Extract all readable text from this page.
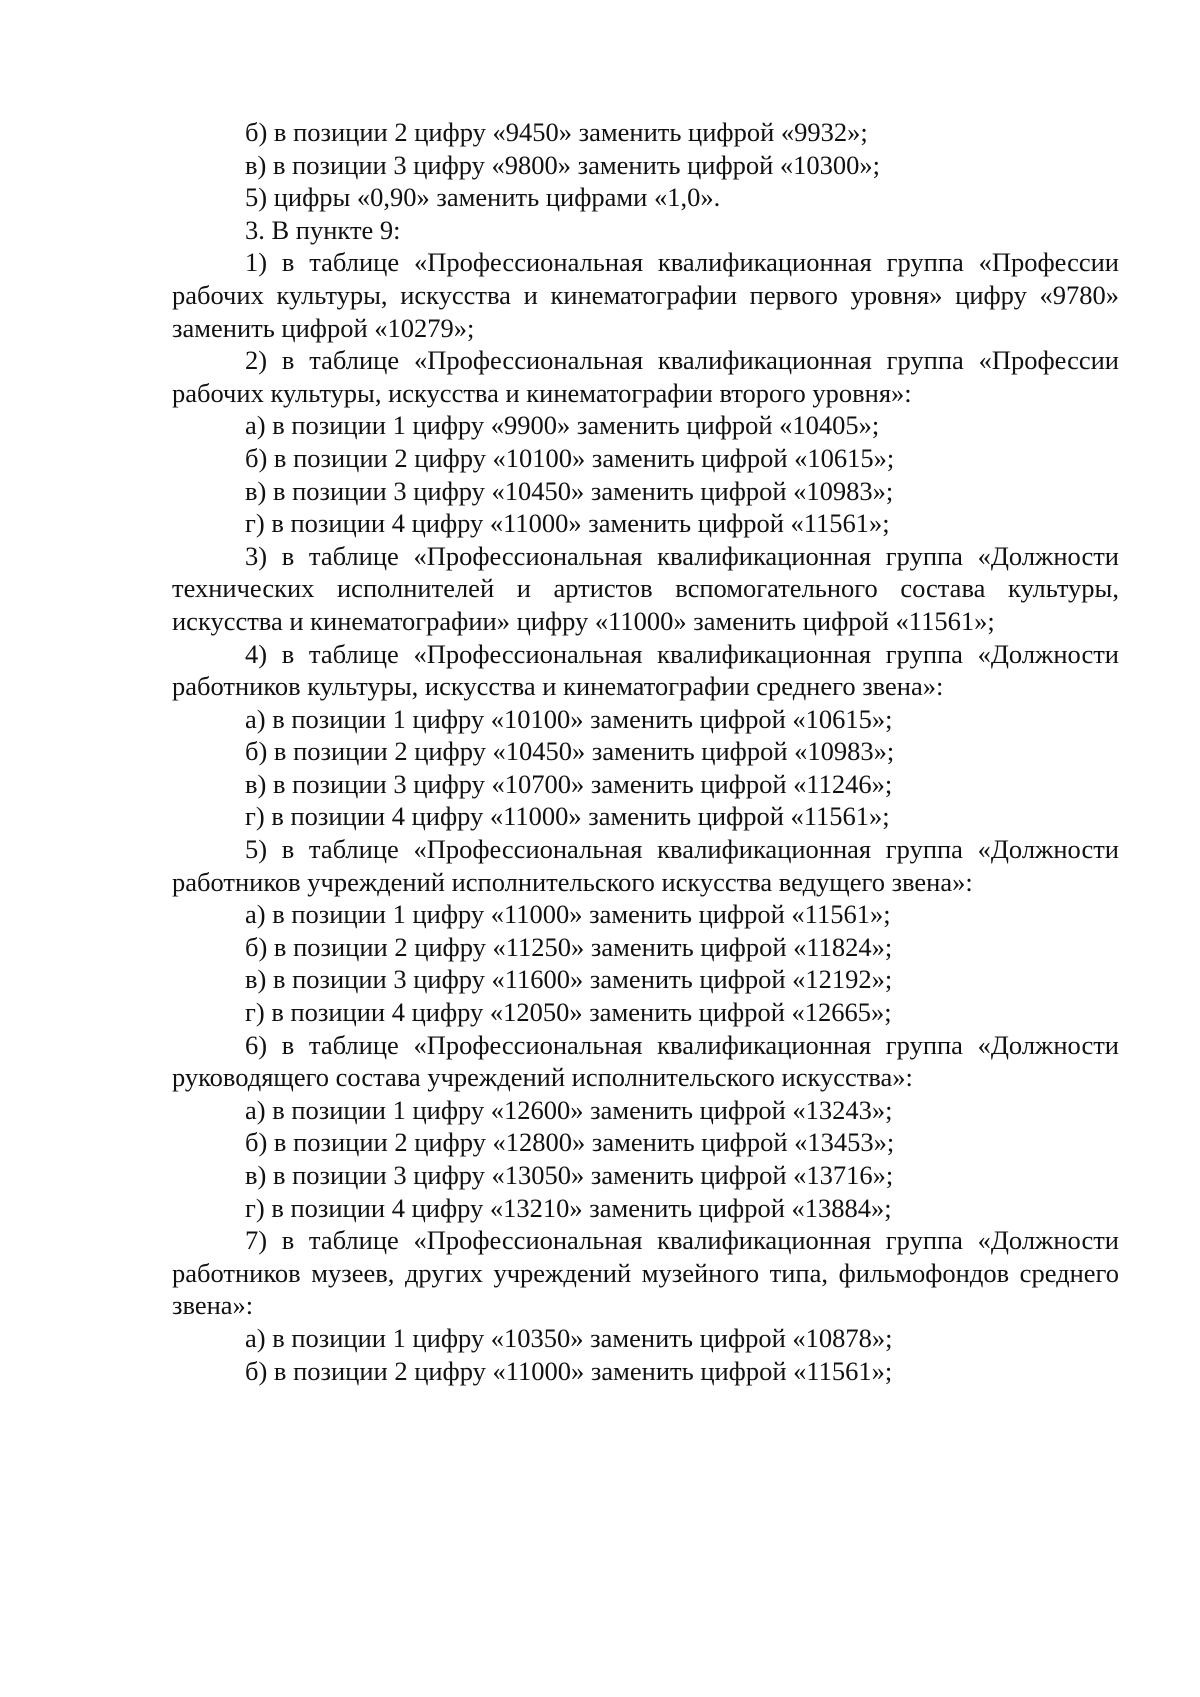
б) в позиции 2 цифру «9450» заменить цифрой «9932»;

в) в позиции 3 цифру «9800» заменить цифрой «10300»;

5) цифры «0,90» заменить цифрами «1,0».

3. В пункте 9:

1) в таблице «Профессиональная квалификационная группа «Профессии рабочих культуры, искусства и кинематографии первого уровня» цифру «9780» заменить цифрой «10279»;

2) в таблице «Профессиональная квалификационная группа «Профессии рабочих культуры, искусства и кинематографии второго уровня»:

а) в позиции 1 цифру «9900» заменить цифрой «10405»;

б) в позиции 2 цифру «10100» заменить цифрой «10615»;

в) в позиции 3 цифру «10450» заменить цифрой «10983»;

г) в позиции 4 цифру «11000» заменить цифрой «11561»;

3) в таблице «Профессиональная квалификационная группа «Должности технических исполнителей и артистов вспомогательного состава культуры, искусства и кинематографии» цифру «11000» заменить цифрой «11561»;

4) в таблице «Профессиональная квалификационная группа «Должности работников культуры, искусства и кинематографии среднего звена»:

а) в позиции 1 цифру «10100» заменить цифрой «10615»;

б) в позиции 2 цифру «10450» заменить цифрой «10983»;

в) в позиции 3 цифру «10700» заменить цифрой «11246»;

г) в позиции 4 цифру «11000» заменить цифрой «11561»;

5) в таблице «Профессиональная квалификационная группа «Должности работников учреждений исполнительского искусства ведущего звена»:

а) в позиции 1 цифру «11000» заменить цифрой «11561»;

б) в позиции 2 цифру «11250» заменить цифрой «11824»;

в) в позиции 3 цифру «11600» заменить цифрой «12192»;

г) в позиции 4 цифру «12050» заменить цифрой «12665»;

6) в таблице «Профессиональная квалификационная группа «Должности руководящего состава учреждений исполнительского искусства»:

а) в позиции 1 цифру «12600» заменить цифрой «13243»;

б) в позиции 2 цифру «12800» заменить цифрой «13453»;

в) в позиции 3 цифру «13050» заменить цифрой «13716»;

г) в позиции 4 цифру «13210» заменить цифрой «13884»;

7) в таблице «Профессиональная квалификационная группа «Должности работников музеев, других учреждений музейного типа, фильмофондов среднего звена»:

а) в позиции 1 цифру «10350» заменить цифрой «10878»;

б) в позиции 2 цифру «11000» заменить цифрой «11561»;
